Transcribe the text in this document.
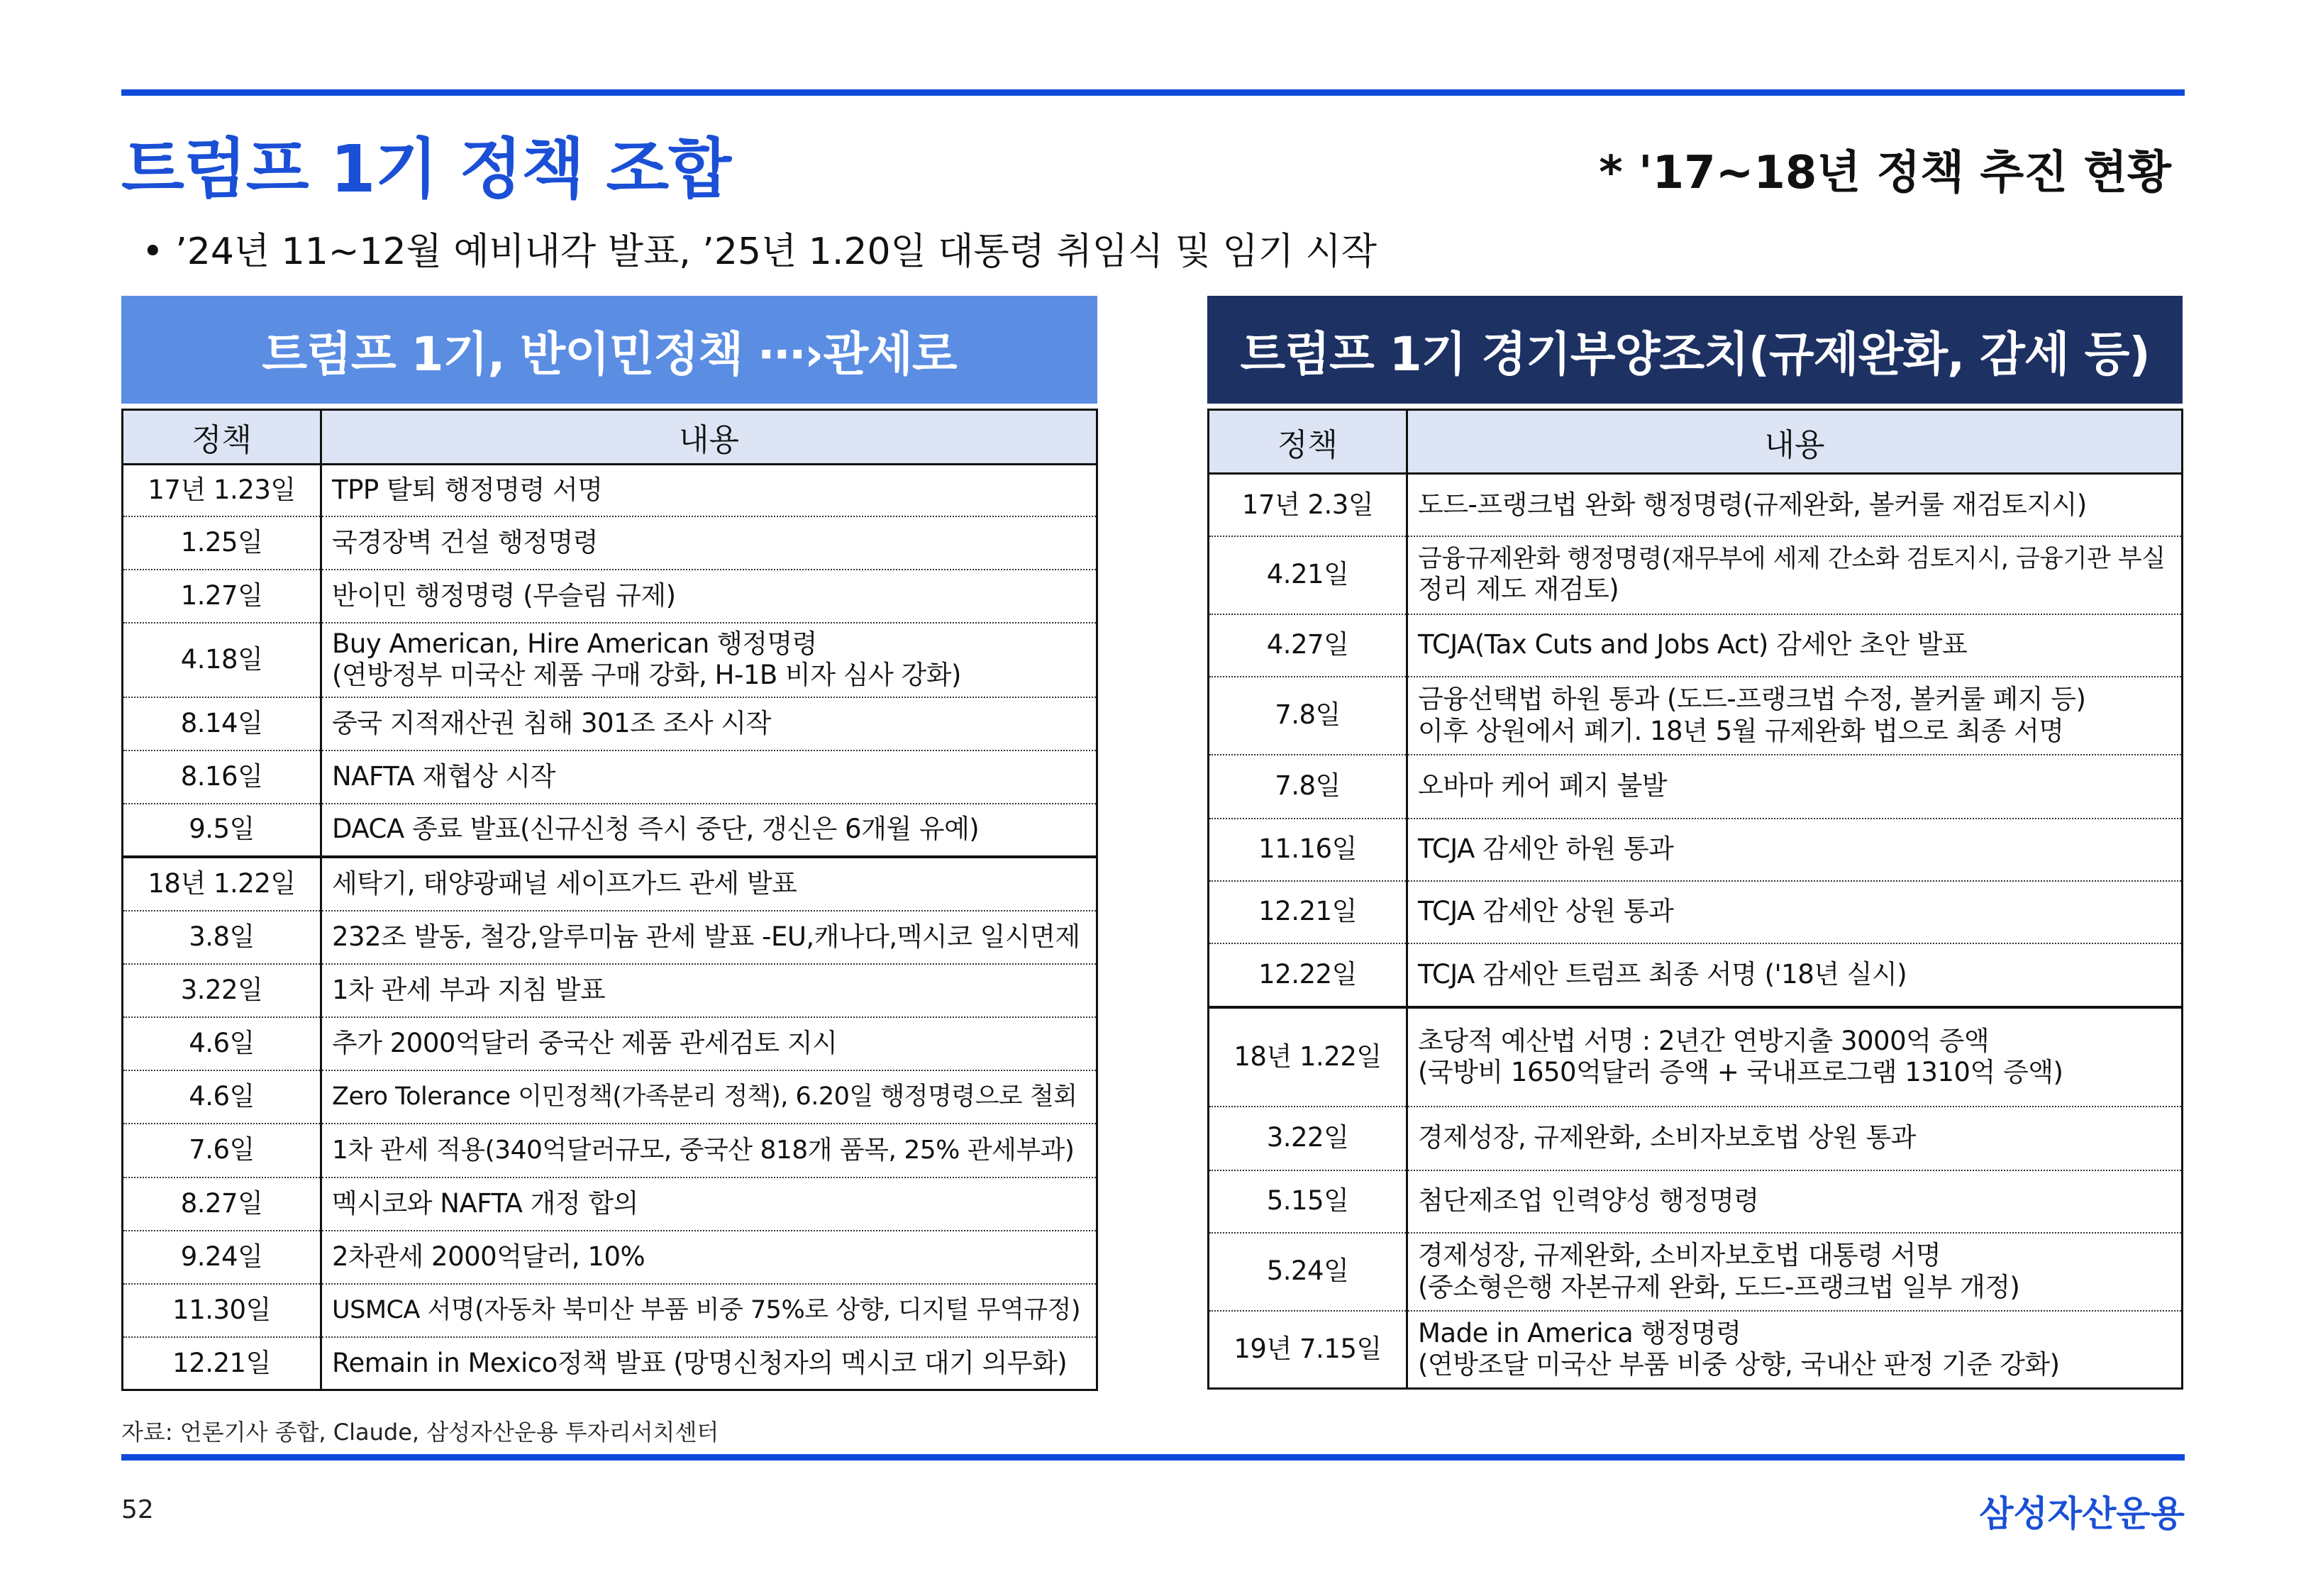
트럼프 1기 정책 조합	* '17~18년 정책 추진 현황
• ’24년 11~12월 예비내각 발표, ’25년 1.20일 대통령 취임식 및 임기 시작
트럼프 1기, 반이민정책 ⋯›관세로
정책	내용
17년 1.23일	TPP 탈퇴 행정명령 서명

1.25일	국경장벽 건설 행정명령

1.27일	반이민 행정명령 (무슬림 규제)

4.18일	Buy American, Hire American 행정명령
(연방정부 미국산 제품 구매 강화, H-1B 비자 심사 강화)

8.14일	중국 지적재산권 침해 301조 조사 시작

8.16일	NAFTA 재협상 시작

9.5일	DACA 종료 발표(신규신청 즉시 중단, 갱신은 6개월 유예)

18년 1.22일	세탁기, 태양광패널 세이프가드 관세 발표

3.8일	232조 발동, 철강,알루미늄 관세 발표 -EU,캐나다,멕시코 일시면제

3.22일	1차 관세 부과 지침 발표

4.6일	추가 2000억달러 중국산 제품 관세검토 지시

4.6일	Zero Tolerance 이민정책(가족분리 정책), 6.20일 행정명령으로 철회

7.6일	1차 관세 적용(340억달러규모, 중국산 818개 품목, 25% 관세부과)

8.27일	멕시코와 NAFTA 개정 합의

9.24일	2차관세 2000억달러, 10%

11.30일	USMCA 서명(자동차 북미산 부품 비중 75%로 상향, 디지털 무역규정)

12.21일	Remain in Mexico정책 발표 (망명신청자의 멕시코 대기 의무화)
트럼프 1기 경기부양조치(규제완화, 감세 등)
정책	내용
17년 2.3일	도드-프랭크법 완화 행정명령(규제완화, 볼커룰 재검토지시)

4.21일	금융규제완화 행정명령(재무부에 세제 간소화 검토지시, 금융기관 부실
정리 제도 재검토)

4.27일	TCJA(Tax Cuts and Jobs Act) 감세안 초안 발표

7.8일	금융선택법 하원 통과 (도드-프랭크법 수정, 볼커룰 폐지 등)
이후 상원에서 폐기. 18년 5월 규제완화 법으로 최종 서명

7.8일	오바마 케어 폐지 불발

11.16일	TCJA 감세안 하원 통과

12.21일	TCJA 감세안 상원 통과

12.22일	TCJA 감세안 트럼프 최종 서명 ('18년 실시)

18년 1.22일	초당적 예산법 서명 : 2년간 연방지출 3000억 증액
(국방비 1650억달러 증액 + 국내프로그램 1310억 증액)

3.22일	경제성장, 규제완화, 소비자보호법 상원 통과

5.15일	첨단제조업 인력양성 행정명령

5.24일	경제성장, 규제완화, 소비자보호법 대통령 서명
(중소형은행 자본규제 완화, 도드-프랭크법 일부 개정)

19년 7.15일	Made in America 행정명령
(연방조달 미국산 부품 비중 상향, 국내산 판정 기준 강화)
자료: 언론기사 종합, Claude, 삼성자산운용 투자리서치센터
52	삼성자산운용
